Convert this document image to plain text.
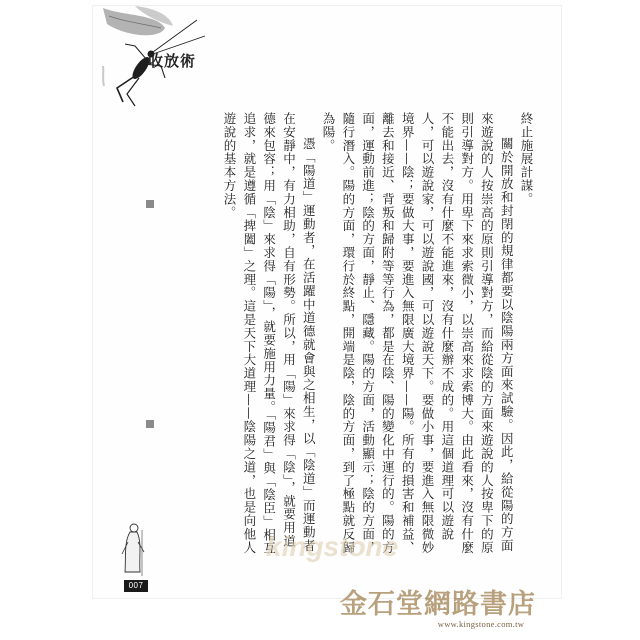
收放術

終止施展計謀。

關於開放和封閉的規律都要以陰陽兩方面來試驗。因此，給從陽的方面來遊說的人按崇高的原則引導對方，而給從陰的方面來遊說的人按卑下的原則引導對方。用卑下來求索微小，以崇高來求索博大。由此看來，沒有什麼不能出去，沒有什麼不能進來，沒有什麼辦不成的。用這個道理可以遊說人，可以遊說家，可以遊說國，可以遊說天下。要做小事，要進入無限微妙境界——陰；要做大事，要進入無限廣大境界——陽。所有的損害和補益、離去和接近、背叛和歸附等等行為，都是在陰、陽的變化中運行的。陽的方面，運動前進；陰的方面，靜止、隱藏。陽的方面，活動顯示；陰的方面，隨行潛入。陽的方面，環行於終點，開端是陰，陰的方面，到了極點就反歸為陽。

憑「陽道」運動者，在活躍中道德就會與之相生，以「陰道」而運動者在安靜中，有力相助，自有形勢。所以，用「陽」來求得「陰」，就要用道德來包容；用「陰」來求得「陽」，就要施用力量。「陽君」與「陰臣」相互追求，就是遵循「捭闔」之理。這是天下大道理——陰陽之道，也是向他人遊說的基本方法。

007
kingstone
金石堂網路書店
www.kingstone.com.tw
